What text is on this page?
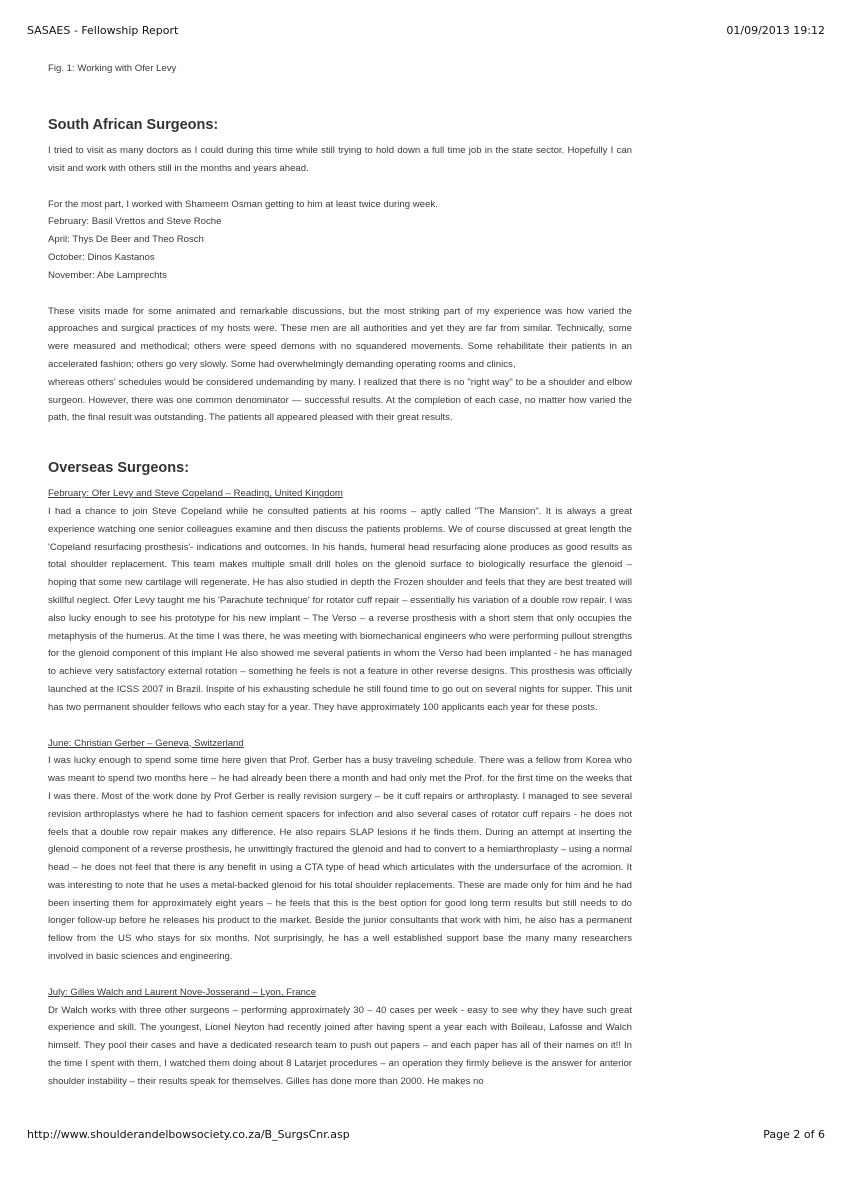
SASAES - Fellowship Report	01/09/2013 19:12

Fig. 1: Working with Ofer Levy

South African Surgeons:

I tried to visit as many doctors as I could during this time while still trying to hold down a full time job in the state sector. Hopefully I can visit and work with others still in the months and years ahead.

For the most part, I worked with Shameem Osman getting to him at least twice during week.

February: Basil Vrettos and Steve Roche
April: Thys De Beer and Theo Rosch
October: Dinos Kastanos
November: Abe Lamprechts

These visits made for some animated and remarkable discussions, but the most striking part of my experience was how varied the approaches and surgical practices of my hosts were. These men are all authorities and yet they are far from similar. Technically, some were measured and methodical; others were speed demons with no squandered movements. Some rehabilitate their patients in an accelerated fashion; others go very slowly. Some had overwhelmingly demanding operating rooms and clinics,

whereas others' schedules would be considered undemanding by many. I realized that there is no "right way" to be a shoulder and elbow surgeon. However, there was one common denominator — successful results. At the completion of each case, no matter how varied the path, the final result was outstanding. The patients all appeared pleased with their great results.

Overseas Surgeons:

February: Ofer Levy and Steve Copeland – Reading, United Kingdom

I had a chance to join Steve Copeland while he consulted patients at his rooms – aptly called "The Mansion". It is always a great experience watching one senior colleagues examine and then discuss the patients problems. We of course discussed at great length the 'Copeland resurfacing prosthesis'- indications and outcomes. In his hands, humeral head resurfacing alone produces as good results as total shoulder replacement. This team makes multiple small drill holes on the glenoid surface to biologically resurface the glenoid – hoping that some new cartilage will regenerate. He has also studied in depth the Frozen shoulder and feels that they are best treated will skillful neglect. Ofer Levy taught me his 'Parachute technique' for rotator cuff repair – essentially his variation of a double row repair. I was also lucky enough to see his prototype for his new implant – The Verso – a reverse prosthesis with a short stem that only occupies the metaphysis of the humerus. At the time I was there, he was meeting with biomechanical engineers who were performing pullout strengths for the glenoid component of this implant He also showed me several patients in whom the Verso had been implanted - he has managed to achieve very satisfactory external rotation – something he feels is not a feature in other reverse designs. This prosthesis was officially launched at the ICSS 2007 in Brazil. Inspite of his exhausting schedule he still found time to go out on several nights for supper. This unit has two permanent shoulder fellows who each stay for a year. They have approximately 100 applicants each year for these posts.

June: Christian Gerber – Geneva, Switzerland

I was lucky enough to spend some time here given that Prof. Gerber has a busy traveling schedule. There was a fellow from Korea who was meant to spend two months here – he had already been there a month and had only met the Prof. for the first time on the weeks that I was there. Most of the work done by Prof Gerber is really revision surgery – be it cuff repairs or arthroplasty. I managed to see several revision arthroplastys where he had to fashion cement spacers for infection and also several cases of rotator cuff repairs - he does not feels that a double row repair makes any difference. He also repairs SLAP lesions if he finds them. During an attempt at inserting the glenoid component of a reverse prosthesis, he unwittingly fractured the glenoid and had to convert to a hemiarthroplasty – using a normal head – he does not feel that there is any benefit in using a CTA type of head which articulates with the undersurface of the acromion. It was interesting to note that he uses a metal-backed glenoid for his total shoulder replacements. These are made only for him and he had been inserting them for approximately eight years – he feels that this is the best option for good long term results but still needs to do longer follow-up before he releases his product to the market. Beside the junior consultants that work with him, he also has a permanent fellow from the US who stays for six months. Not surprisingly, he has a well established support base the many many researchers involved in basic sciences and engineering.

July: Gilles Walch and Laurent Nove-Josserand – Lyon, France

Dr Walch works with three other surgeons – performing approximately 30 – 40 cases per week - easy to see why they have such great experience and skill. The youngest, Lionel Neyton had recently joined after having spent a year each with Boileau, Lafosse and Walch himself. They pool their cases and have a dedicated research team to push out papers – and each paper has all of their names on it!! In the time I spent with them, I watched them doing about 8 Latarjet procedures – an operation they firmly believe is the answer for anterior shoulder instability – their results speak for themselves. Gilles has done more than 2000. He makes no

http://www.shoulderandelbowsociety.co.za/B_SurgsCnr.asp	Page 2 of 6
